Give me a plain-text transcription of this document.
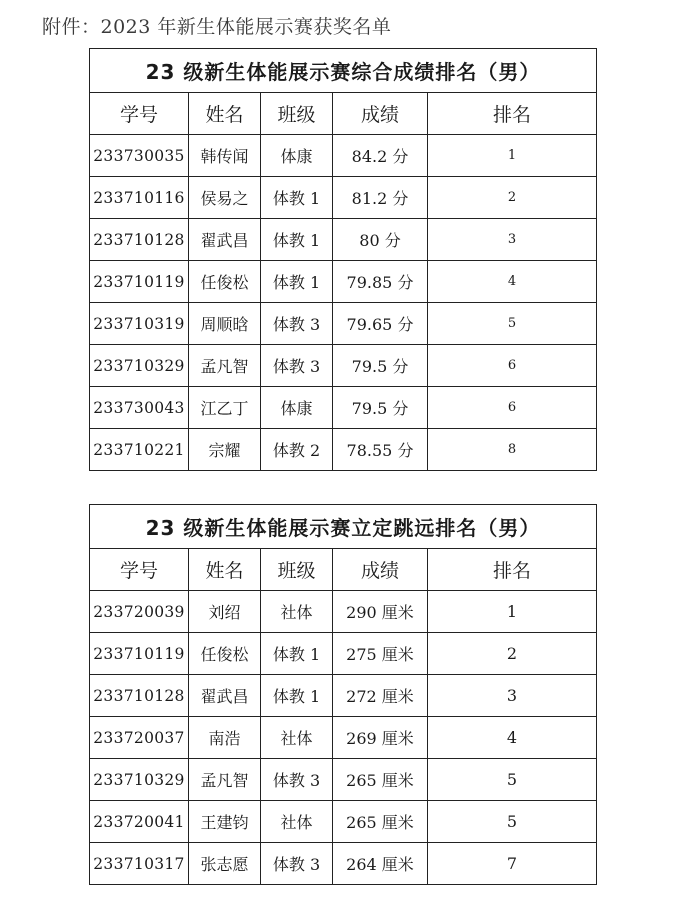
附件：2023 年新生体能展示赛获奖名单
23 级新生体能展示赛综合成绩排名（男）				
学号	姓名	班级	成绩	排名
233730035	韩传闻	体康	84.2 分	1
233710116	侯易之	体教 1	81.2 分	2
233710128	翟武昌	体教 1	80 分	3
233710119	任俊松	体教 1	79.85 分	4
233710319	周顺晗	体教 3	79.65 分	5
233710329	孟凡智	体教 3	79.5 分	6
233730043	江乙丁	体康	79.5 分	6
233710221	宗耀	体教 2	78.55 分	8
23 级新生体能展示赛立定跳远排名（男）				
学号	姓名	班级	成绩	排名
233720039	刘绍	社体	290 厘米	1
233710119	任俊松	体教 1	275 厘米	2
233710128	翟武昌	体教 1	272 厘米	3
233720037	南浩	社体	269 厘米	4
233710329	孟凡智	体教 3	265 厘米	5
233720041	王建钧	社体	265 厘米	5
233710317	张志愿	体教 3	264 厘米	7
